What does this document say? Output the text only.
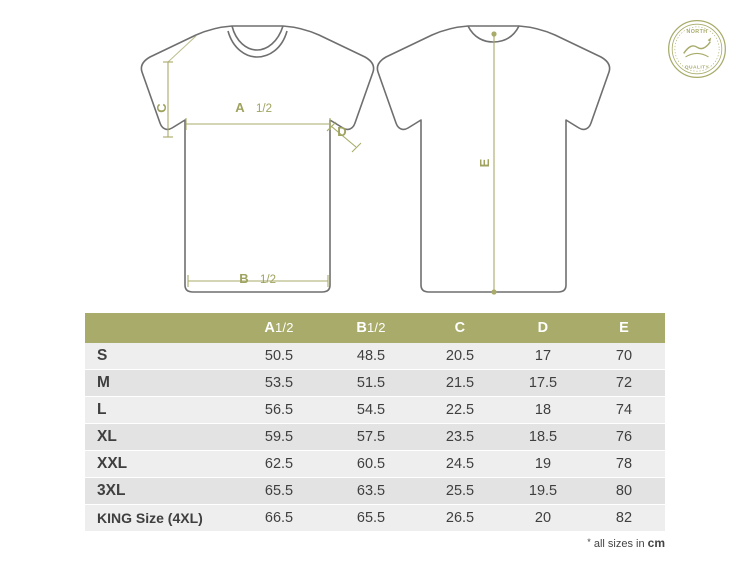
C	A 1/2
D
B 1/2
E
NORTH
QUALITY
	A1/2	B1/2	C	D	E
S	50.5	48.5	20.5	17	70
M	53.5	51.5	21.5	17.5	72
L	56.5	54.5	22.5	18	74
XL	59.5	57.5	23.5	18.5	76
XXL	62.5	60.5	24.5	19	78
3XL	65.5	63.5	25.5	19.5	80
KING Size (4XL)	66.5	65.5	26.5	20	82
* all sizes in cm
